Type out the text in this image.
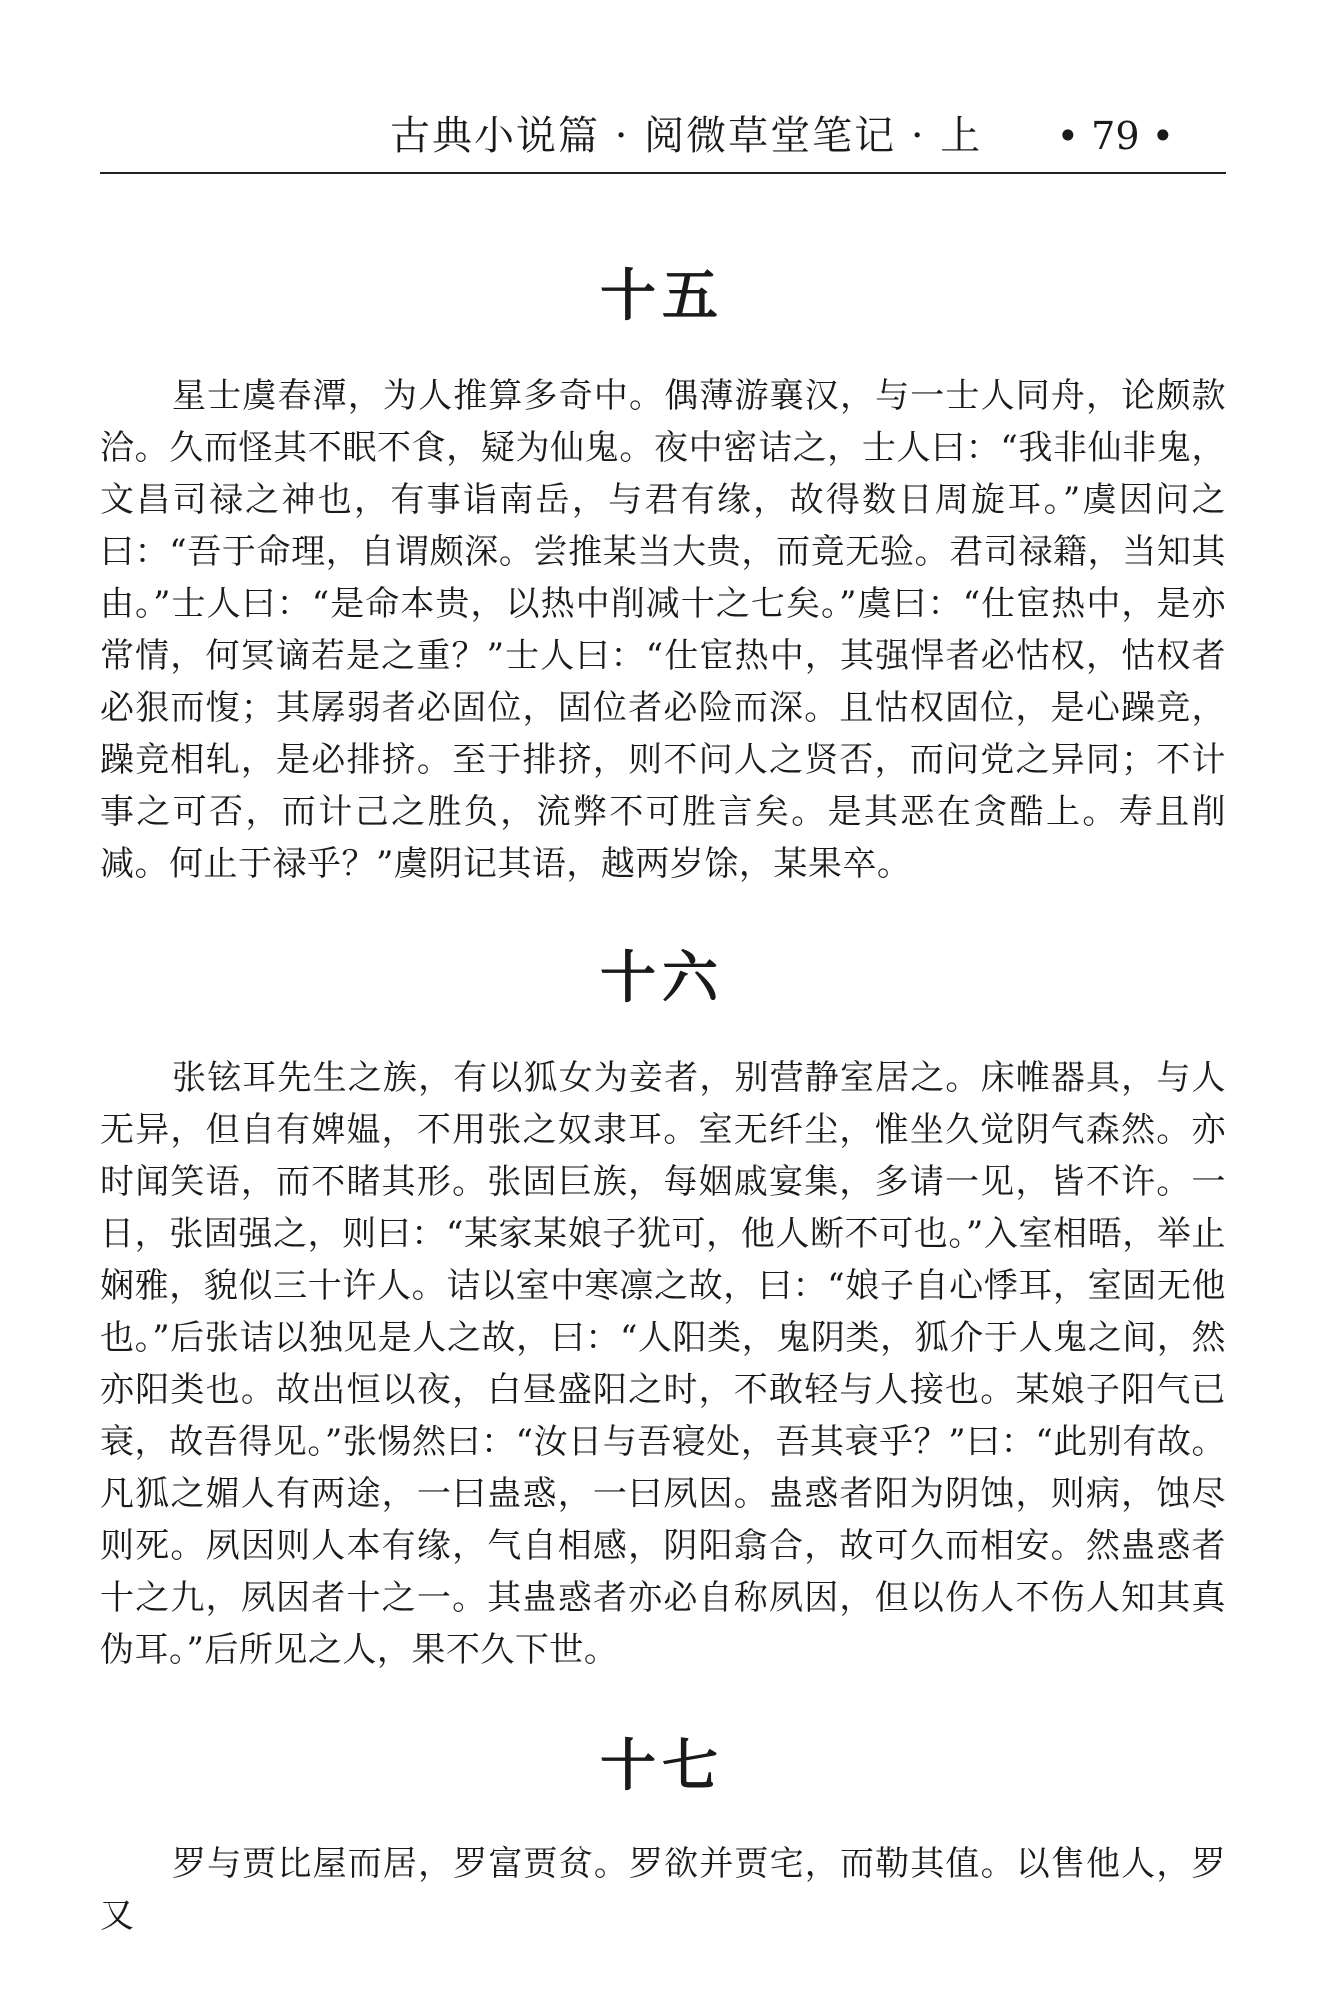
古典小说篇 · 阅微草堂笔记 · 上 • 79 •
十五

星士虞春潭，为人推算多奇中。偶薄游襄汉，与一士人同舟，论颇款洽。久而怪其不眠不食，疑为仙鬼。夜中密诘之，士人曰：“我非仙非鬼，文昌司禄之神也，有事诣南岳，与君有缘，故得数日周旋耳。”虞因问之曰：“吾于命理，自谓颇深。尝推某当大贵，而竟无验。君司禄籍，当知其由。”士人曰：“是命本贵，以热中削减十之七矣。”虞曰：“仕宦热中，是亦常情，何冥谪若是之重？”士人曰：“仕宦热中，其强悍者必怙权，怙权者必狠而愎；其孱弱者必固位，固位者必险而深。且怙权固位，是心躁竞，躁竞相轧，是必排挤。至于排挤，则不问人之贤否，而问党之异同；不计事之可否，而计己之胜负，流弊不可胜言矣。是其恶在贪酷上。寿且削减。何止于禄乎？”虞阴记其语，越两岁馀，某果卒。

十六

张铉耳先生之族，有以狐女为妾者，别营静室居之。床帷器具，与人无异，但自有婢媪，不用张之奴隶耳。室无纤尘，惟坐久觉阴气森然。亦时闻笑语，而不睹其形。张固巨族，每姻戚宴集，多请一见，皆不许。一日，张固强之，则曰：“某家某娘子犹可，他人断不可也。”入室相晤，举止娴雅，貌似三十许人。诘以室中寒凛之故，曰：“娘子自心悸耳，室固无他也。”后张诘以独见是人之故，曰：“人阳类，鬼阴类，狐介于人鬼之间，然亦阳类也。故出恒以夜，白昼盛阳之时，不敢轻与人接也。某娘子阳气已衰，故吾得见。”张惕然曰：“汝日与吾寝处，吾其衰乎？”曰：“此别有故。凡狐之媚人有两途，一曰蛊惑，一曰夙因。蛊惑者阳为阴蚀，则病，蚀尽则死。夙因则人本有缘，气自相感，阴阳翕合，故可久而相安。然蛊惑者十之九，夙因者十之一。其蛊惑者亦必自称夙因，但以伤人不伤人知其真伪耳。”后所见之人，果不久下世。

十七

罗与贾比屋而居，罗富贾贫。罗欲并贾宅，而勒其值。以售他人，罗又
